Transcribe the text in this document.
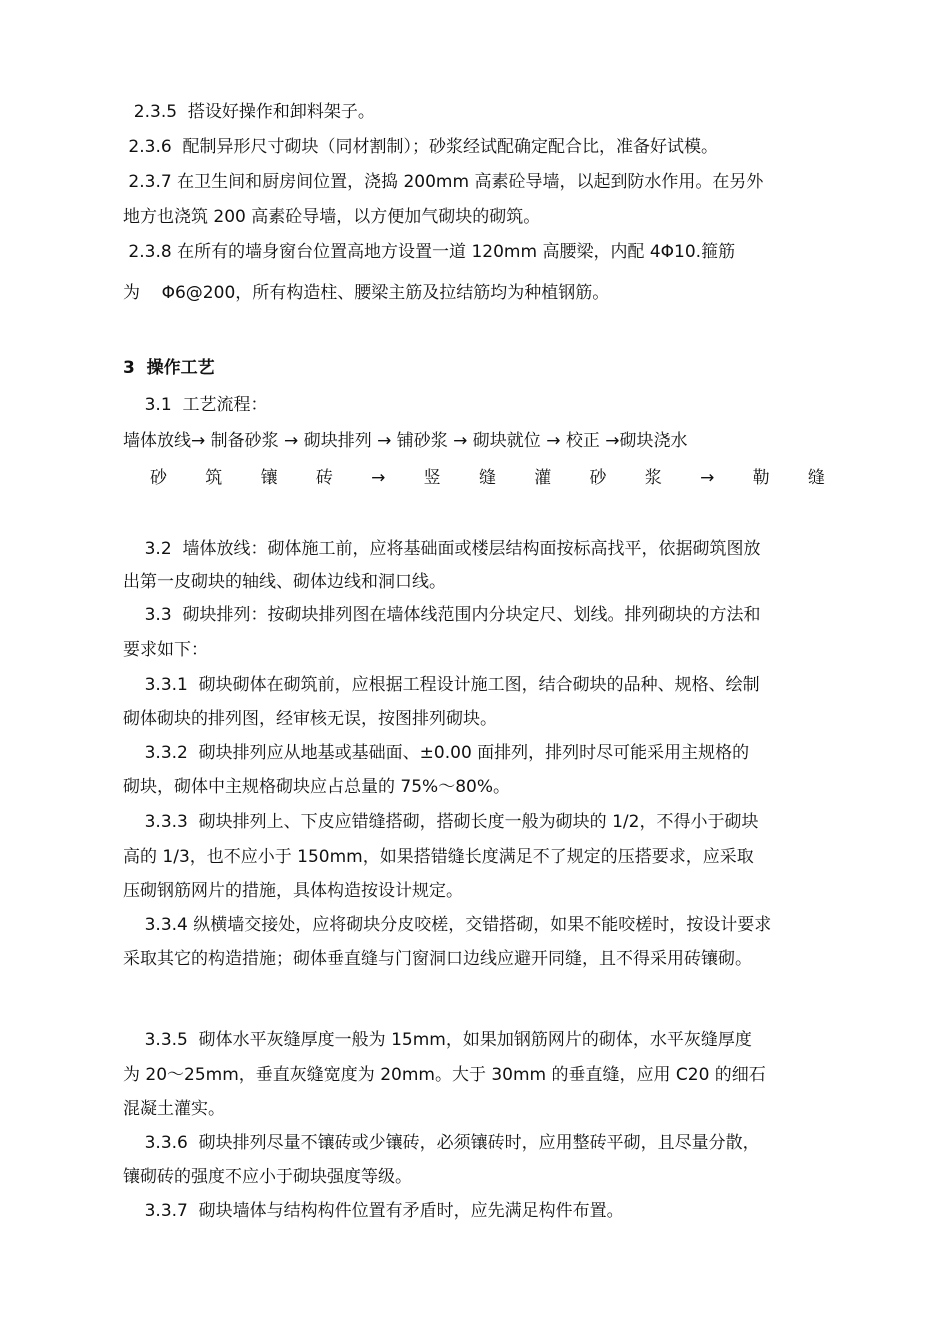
2.3.5  搭设好操作和卸料架子。
2.3.6  配制异形尺寸砌块（同材割制）；砂浆经试配确定配合比，准备好试模。
2.3.7 在卫生间和厨房间位置，浇捣 200mm 高素砼导墙，以起到防水作用。在另外
地方也浇筑 200 高素砼导墙，以方便加气砌块的砌筑。
2.3.8 在所有的墙身窗台位置高地方设置一道 120mm 高腰梁，内配 4Φ10.箍筋
为    Φ6@200，所有构造柱、腰梁主筋及拉结筋均为种植钢筋。
3  操作工艺
3.1  工艺流程：
墙体放线→ 制备砂浆 → 砌块排列 → 铺砂浆 → 砌块就位 → 校正 →砌块浇水
砂 筑 镶 砖 → 竖 缝 灌 砂 浆 → 勒 缝
3.2  墙体放线：砌体施工前，应将基础面或楼层结构面按标高找平，依据砌筑图放
出第一皮砌块的轴线、砌体边线和洞口线。
3.3  砌块排列：按砌块排列图在墙体线范围内分块定尺、划线。排列砌块的方法和
要求如下：
3.3.1  砌块砌体在砌筑前，应根据工程设计施工图，结合砌块的品种、规格、绘制
砌体砌块的排列图，经审核无误，按图排列砌块。
3.3.2  砌块排列应从地基或基础面、±0.00 面排列，排列时尽可能采用主规格的
砌块，砌体中主规格砌块应占总量的 75%～80%。
3.3.3  砌块排列上、下皮应错缝搭砌，搭砌长度一般为砌块的 1/2，不得小于砌块
高的 1/3，也不应小于 150mm，如果搭错缝长度满足不了规定的压搭要求，应采取
压砌钢筋网片的措施，具体构造按设计规定。
3.3.4 纵横墙交接处，应将砌块分皮咬槎，交错搭砌，如果不能咬槎时，按设计要求
采取其它的构造措施；砌体垂直缝与门窗洞口边线应避开同缝，且不得采用砖镶砌。
3.3.5  砌体水平灰缝厚度一般为 15mm，如果加钢筋网片的砌体，水平灰缝厚度
为 20～25mm，垂直灰缝宽度为 20mm。大于 30mm 的垂直缝，应用 C20 的细石
混凝土灌实。
3.3.6  砌块排列尽量不镶砖或少镶砖，必须镶砖时，应用整砖平砌，且尽量分散，
镶砌砖的强度不应小于砌块强度等级。
3.3.7  砌块墙体与结构构件位置有矛盾时，应先满足构件布置。
